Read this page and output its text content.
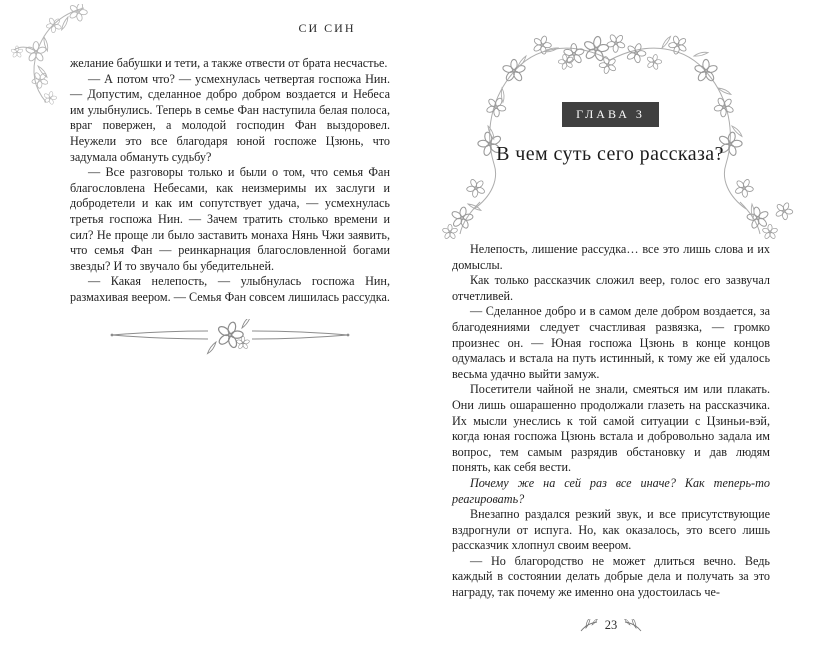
СИ СИН

желание бабушки и тети, а также отвести от брата несчастье.

— А потом что? — усмехнулась четвертая госпожа Нин. — Допустим, сделанное добро добром воздается и Небеса им улыбнулись. Теперь в семье Фан наступила белая полоса, враг повержен, а молодой господин Фан выздоровел. Неужели это все благодаря юной госпоже Цзюнь, что задумала обмануть судьбу?

— Все разговоры только и были о том, что семья Фан благословлена Небесами, как неизмеримы их заслуги и добродетели и как им сопутствует удача, — усмехнулась третья госпожа Нин. — Зачем тратить столько времени и сил? Не проще ли было заставить монаха Нянь Чжи заявить, что семья Фан — реинкарнация благословленной богами звезды? И то звучало бы убедительней.

— Какая нелепость, — улыбнулась госпожа Нин, размахивая веером. — Семья Фан совсем лишилась рассудка.

ГЛАВА 3
В чем суть сего рассказа?

Нелепость, лишение рассудка… все это лишь слова и их домыслы.

Как только рассказчик сложил веер, голос его зазвучал отчетливей.

— Сделанное добро и в самом деле добром воздается, за благодеяниями следует счастливая развязка, — громко произнес он. — Юная госпожа Цзюнь в конце концов одумалась и встала на путь истинный, к тому же ей удалось весьма удачно выйти замуж.

Посетители чайной не знали, смеяться им или плакать. Они лишь ошарашенно продолжали глазеть на рассказчика. Их мысли унеслись к той самой ситуации с Цзиньи-вэй, когда юная госпожа Цзюнь встала и добровольно задала им вопрос, тем самым разрядив обстановку и дав людям понять, как себя вести.

Почему же на сей раз все иначе? Как теперь-то реагировать?

Внезапно раздался резкий звук, и все присутствующие вздрогнули от испуга. Но, как оказалось, это всего лишь рассказчик хлопнул своим веером.

— Но благородство не может длиться вечно. Ведь каждый в состоянии делать добрые дела и получать за это награду, так почему же именно она удостоилась че-

23
